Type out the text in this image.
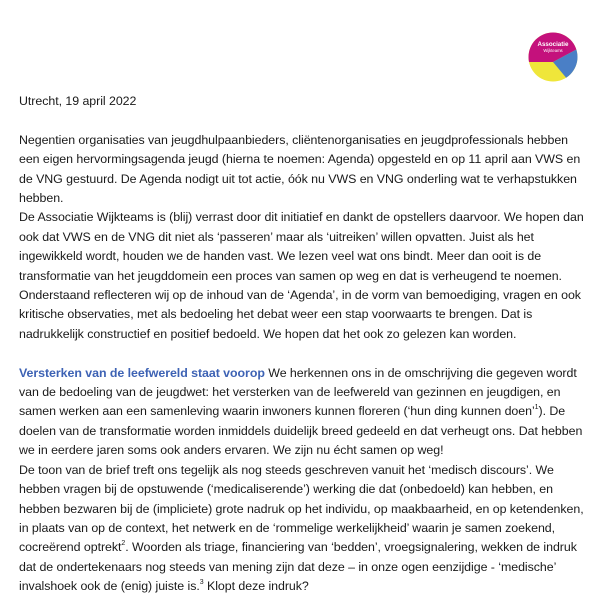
Associatie
Wijkteams

Utrecht, 19 april 2022

Negentien organisaties van jeugdhulpaanbieders, cliëntenorganisaties en jeugdprofessionals hebben een eigen hervormingsagenda jeugd (hierna te noemen: Agenda) opgesteld en op 11 april aan VWS en de VNG gestuurd. De Agenda nodigt uit tot actie, óók nu VWS en VNG onderling wat te verhapstukken hebben.

De Associatie Wijkteams is (blij) verrast door dit initiatief en dankt de opstellers daarvoor. We hopen dan ook dat VWS en de VNG dit niet als ‘passeren’ maar als ‘uitreiken’ willen opvatten. Juist als het ingewikkeld wordt, houden we de handen vast. We lezen veel wat ons bindt. Meer dan ooit is de transformatie van het jeugddomein een proces van samen op weg en dat is verheugend te noemen. Onderstaand reflecteren wij op de inhoud van de ‘Agenda’, in de vorm van bemoediging, vragen en ook kritische observaties, met als bedoeling het debat weer een stap voorwaarts te brengen. Dat is nadrukkelijk constructief en positief bedoeld. We hopen dat het ook zo gelezen kan worden.

Versterken van de leefwereld staat voorop We herkennen ons in de omschrijving die gegeven wordt van de bedoeling van de jeugdwet: het versterken van de leefwereld van gezinnen en jeugdigen, en samen werken aan een samenleving waarin inwoners kunnen floreren (‘hun ding kunnen doen’$^1$). De doelen van de transformatie worden inmiddels duidelijk breed gedeeld en dat verheugt ons. Dat hebben we in eerdere jaren soms ook anders ervaren. We zijn nu écht samen op weg!

De toon van de brief treft ons tegelijk als nog steeds geschreven vanuit het ‘medisch discours’. We hebben vragen bij de opstuwende (‘medicaliserende’) werking die dat (onbedoeld) kan hebben, en hebben bezwaren bij de (impliciete) grote nadruk op het individu, op maakbaarheid, en op ketendenken, in plaats van op de context, het netwerk en de ‘rommelige werkelijkheid’ waarin je samen zoekend, cocreërend optrekt$^2$. Woorden als triage, financiering van ‘bedden’, vroegsignalering, wekken de indruk dat de ondertekenaars nog steeds van mening zijn dat deze – in onze ogen eenzijdige - ‘medische’ invalshoek ook de (enig) juiste is.$^3$ Klopt deze indruk?
